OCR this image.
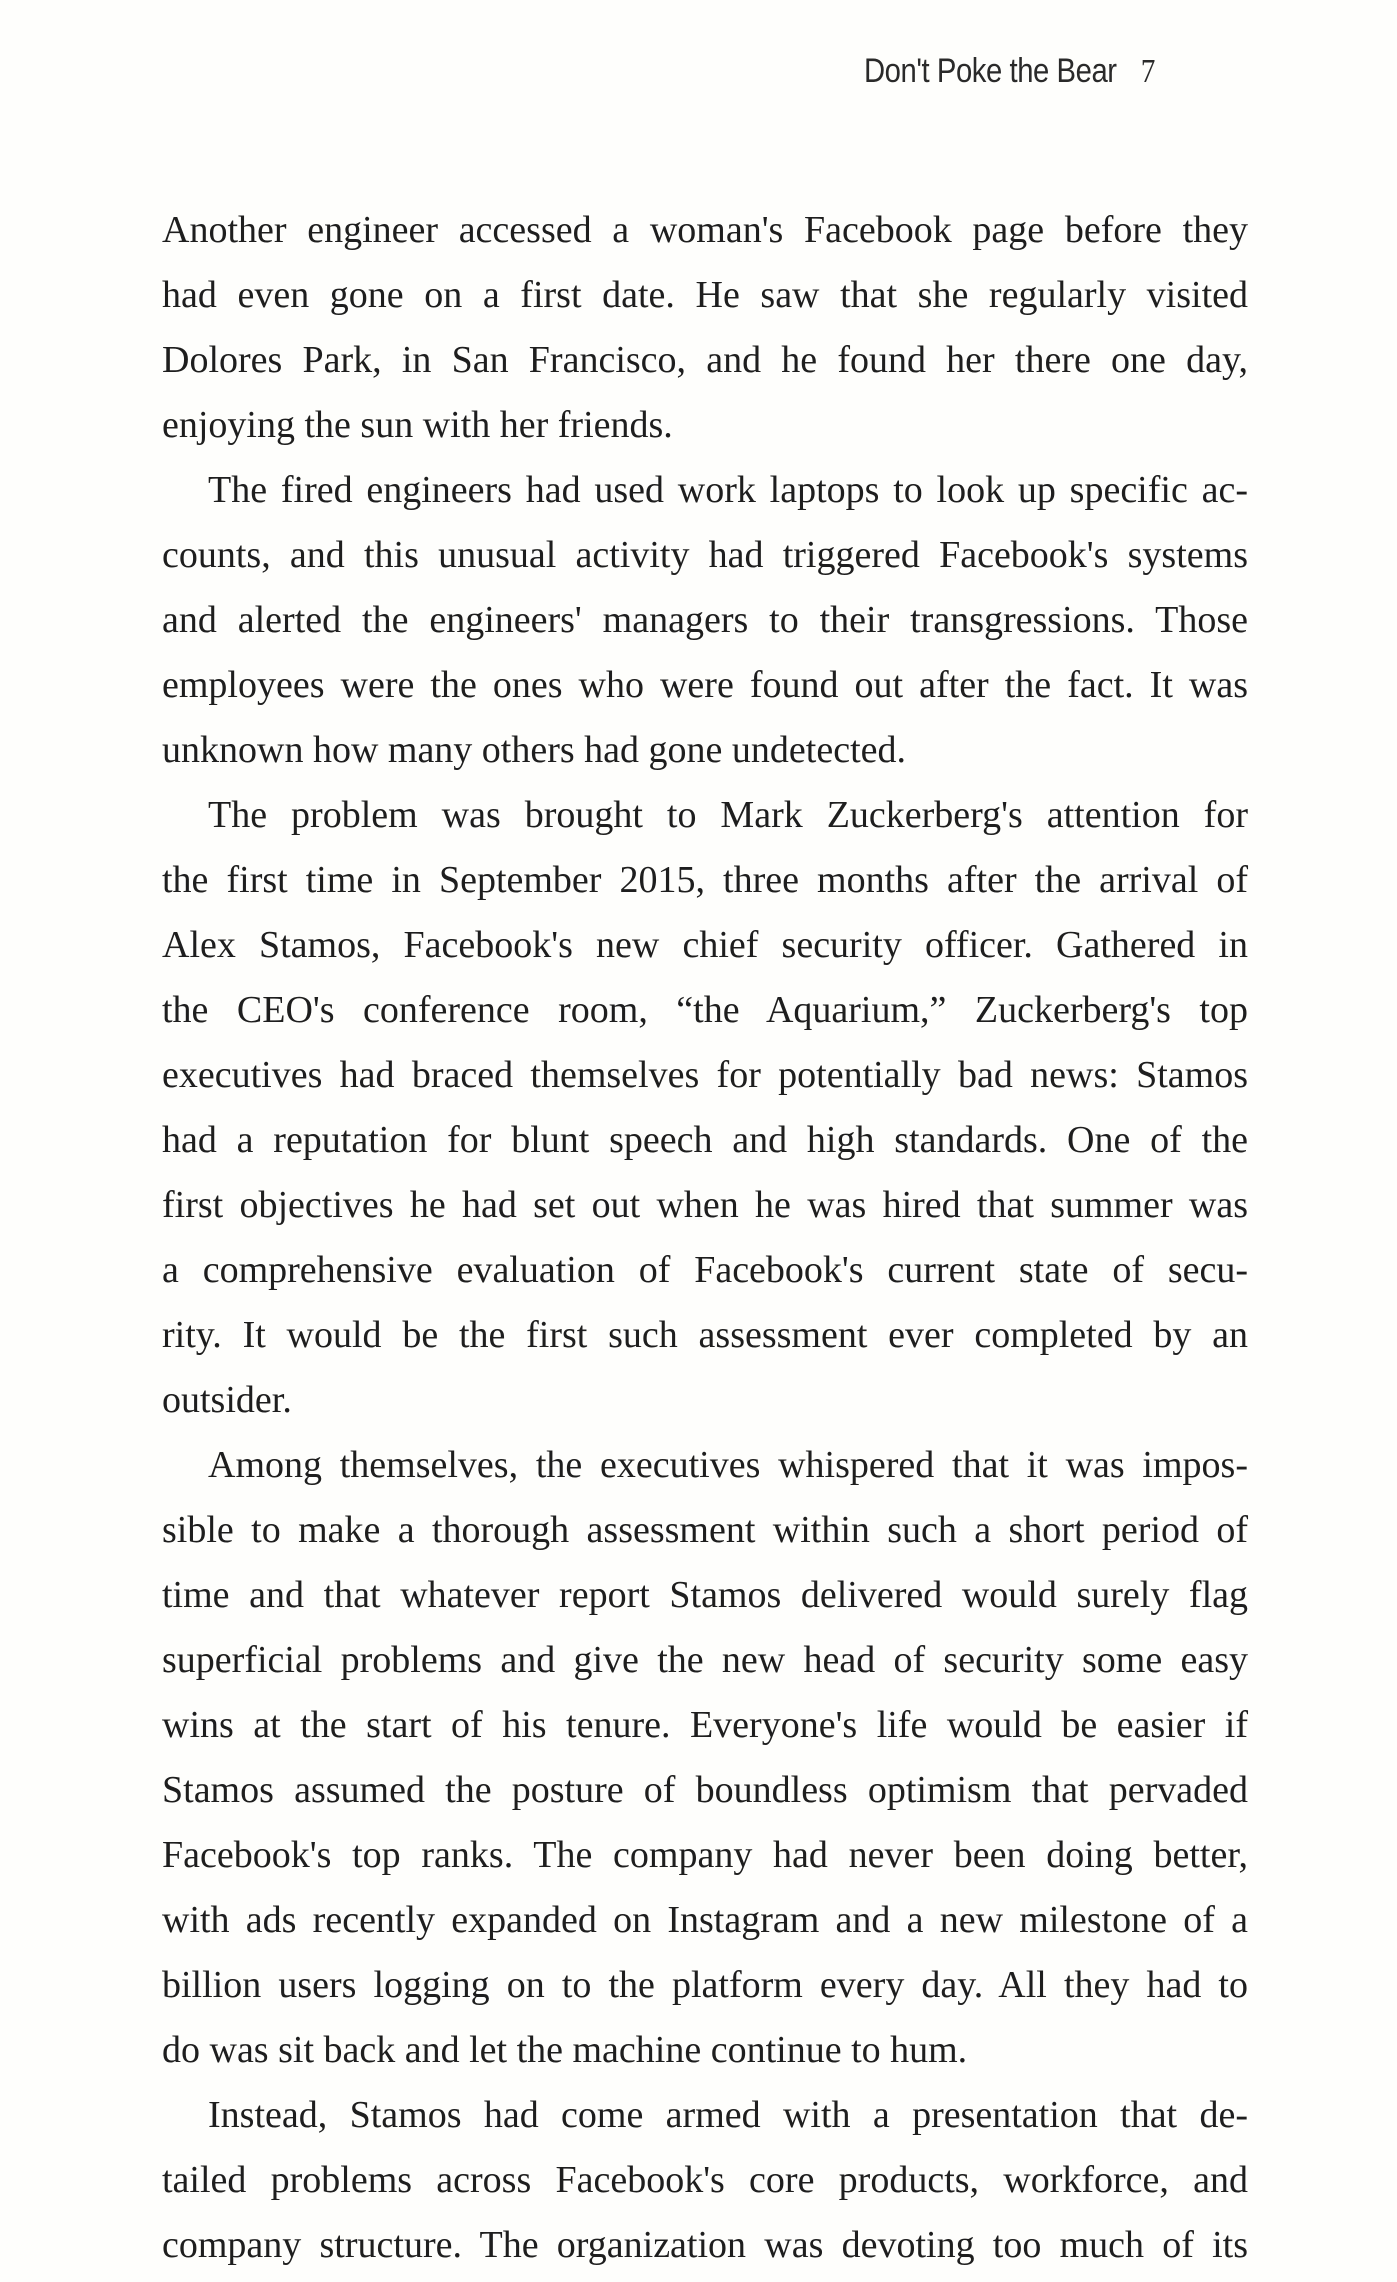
Don't Poke the Bear 7
Another engineer accessed a woman's Facebook page before they
had even gone on a first date. He saw that she regularly visited
Dolores Park, in San Francisco, and he found her there one day,
enjoying the sun with her friends.
The fired engineers had used work laptops to look up specific ac-
counts, and this unusual activity had triggered Facebook's systems
and alerted the engineers' managers to their transgressions. Those
employees were the ones who were found out after the fact. It was
unknown how many others had gone undetected.
The problem was brought to Mark Zuckerberg's attention for
the first time in September 2015, three months after the arrival of
Alex Stamos, Facebook's new chief security officer. Gathered in
the CEO's conference room, “the Aquarium,” Zuckerberg's top
executives had braced themselves for potentially bad news: Stamos
had a reputation for blunt speech and high standards. One of the
first objectives he had set out when he was hired that summer was
a comprehensive evaluation of Facebook's current state of secu-
rity. It would be the first such assessment ever completed by an
outsider.
Among themselves, the executives whispered that it was impos-
sible to make a thorough assessment within such a short period of
time and that whatever report Stamos delivered would surely flag
superficial problems and give the new head of security some easy
wins at the start of his tenure. Everyone's life would be easier if
Stamos assumed the posture of boundless optimism that pervaded
Facebook's top ranks. The company had never been doing better,
with ads recently expanded on Instagram and a new milestone of a
billion users logging on to the platform every day. All they had to
do was sit back and let the machine continue to hum.
Instead, Stamos had come armed with a presentation that de-
tailed problems across Facebook's core products, workforce, and
company structure. The organization was devoting too much of its
